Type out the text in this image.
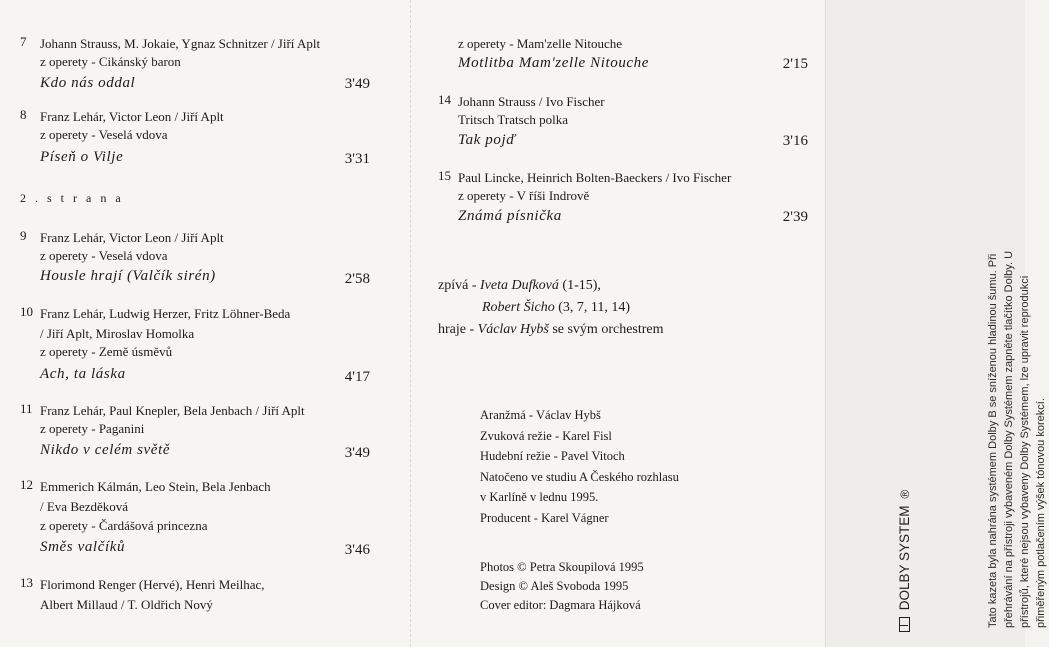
7 Johann Strauss, M. Jokaie, Ygnaz Schnitzer / Jiří Aplt
z operety - Cikánský baron
Kdo nás oddal	3'49
8 Franz Lehár, Victor Leon / Jiří Aplt
z operety - Veselá vdova
Píseň o Vilje	3'31
2 . s t r a n a
9 Franz Lehár, Victor Leon / Jiří Aplt
z operety - Veselá vdova
Housle hrají (Valčík sirén)	2'58
10 Franz Lehár, Ludwig Herzer, Fritz Löhner-Beda
/ Jiří Aplt, Miroslav Homolka
z operety - Země úsměvů
Ach, ta láska	4'17
11 Franz Lehár, Paul Knepler, Bela Jenbach / Jiří Aplt
z operety - Paganini
Nikdo v celém světě	3'49
12 Emmerich Kálmán, Leo Stein, Bela Jenbach
/ Eva Bezděková
z operety - Čardášová princezna
Směs valčíků	3'46
13 Florimond Renger (Hervé), Henri Meilhac,
Albert Millaud / T. Oldřich Nový
z operety - Mam'zelle Nitouche
Motlitba Mam'zelle Nitouche	2'15
14 Johann Strauss / Ivo Fischer
Tritsch Tratsch polka
Tak pojď	3'16
15 Paul Lincke, Heinrich Bolten-Baeckers / Ivo Fischer
z operety - V říši Indrově
Známá písnička	2'39
zpívá - Iveta Dufková (1-15),
Robert Šicho (3, 7, 11, 14)
hraje - Václav Hybš se svým orchestrem
Aranžmá - Václav Hybš
Zvuková režie - Karel Fisl
Hudební režie - Pavel Vitoch
Natočeno ve studiu A Českého rozhlasu
v Karlíně v lednu 1995.
Producent - Karel Vágner
Photos © Petra Skoupilová 1995
Design © Aleš Svoboda 1995
Cover editor: Dagmara Hájková	DOLBY SYSTEM ®	Tato kazeta byla nahrána systémem Dolby B se sníženou hladinou šumu. Při přehrávání na přístroji vybaveném Dolby Systémem zapněte tlačítko Dolby. U přístrojů, které nejsou vybaveny Dolby Systémem, lze upravit reprodukci přiměřeným potlačením výšek tónovou korekcí.
